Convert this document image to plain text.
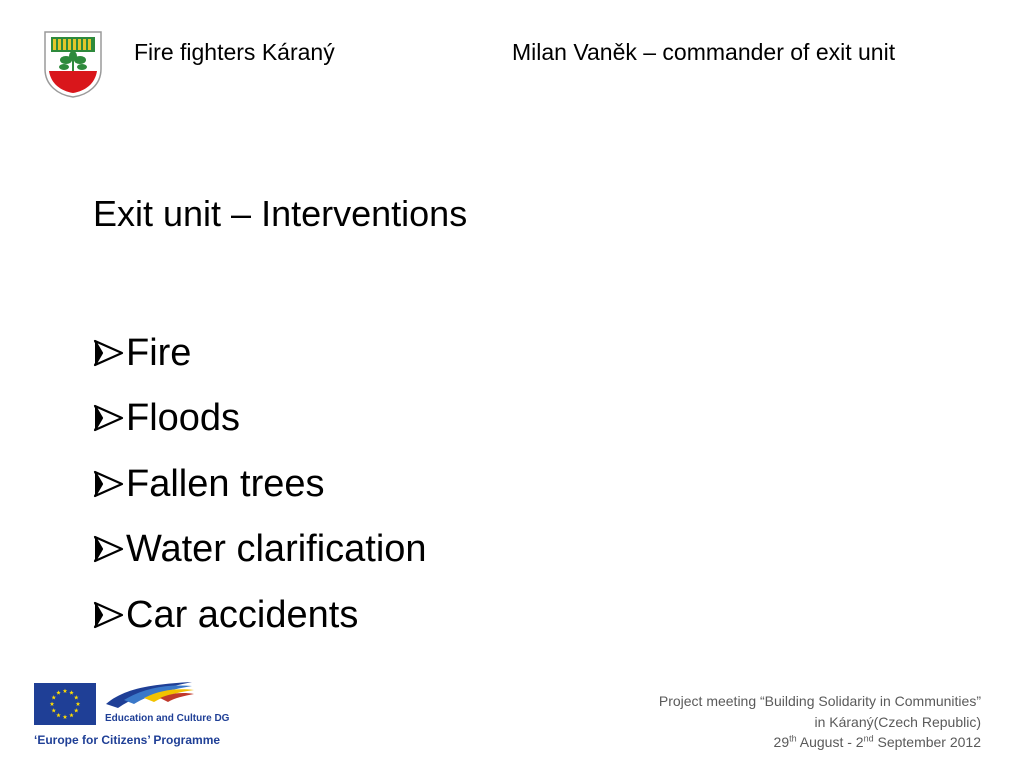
Fire fighters Káraný	Milan Vaněk – commander of exit unit
Exit unit – Interventions
Fire
Floods
Fallen trees
Water clarification
Car accidents
Education and Culture DG
‘Europe for Citizens’ Programme
Project meeting “Building Solidarity in Communities”
in Káraný(Czech Republic)
29th August - 2nd September 2012
